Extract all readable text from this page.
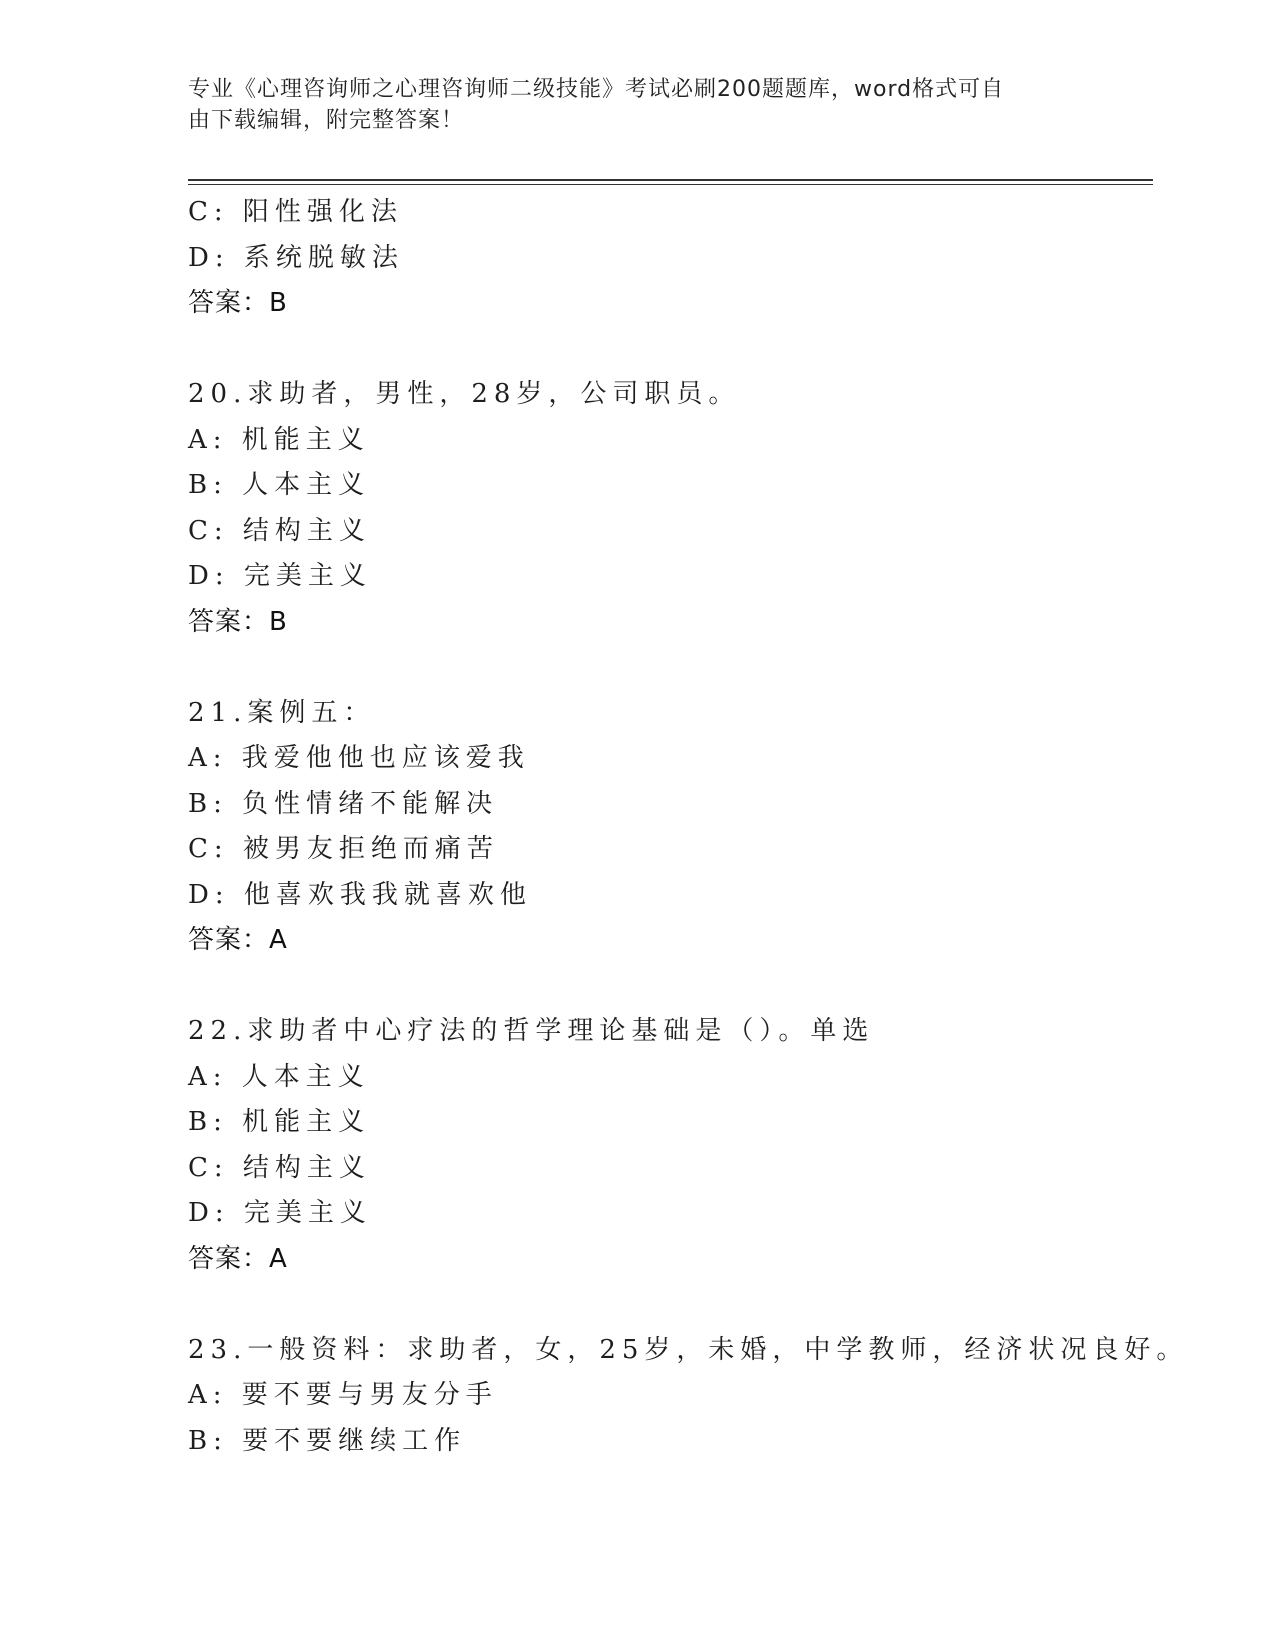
专业《心理咨询师之心理咨询师二级技能》考试必刷200题题库，word格式可自
由下载编辑，附完整答案！
C: 阳性强化法
D: 系统脱敏法
答案：B
20.求助者，男性，28岁，公司职员。
A: 机能主义
B: 人本主义
C: 结构主义
D: 完美主义
答案：B
21.案例五：
A: 我爱他他也应该爱我
B: 负性情绪不能解决
C: 被男友拒绝而痛苦
D: 他喜欢我我就喜欢他
答案：A
22.求助者中心疗法的哲学理论基础是（）。单选
A: 人本主义
B: 机能主义
C: 结构主义
D: 完美主义
答案：A
23.一般资料：求助者，女，25岁，未婚，中学教师，经济状况良好。
A: 要不要与男友分手
B: 要不要继续工作
